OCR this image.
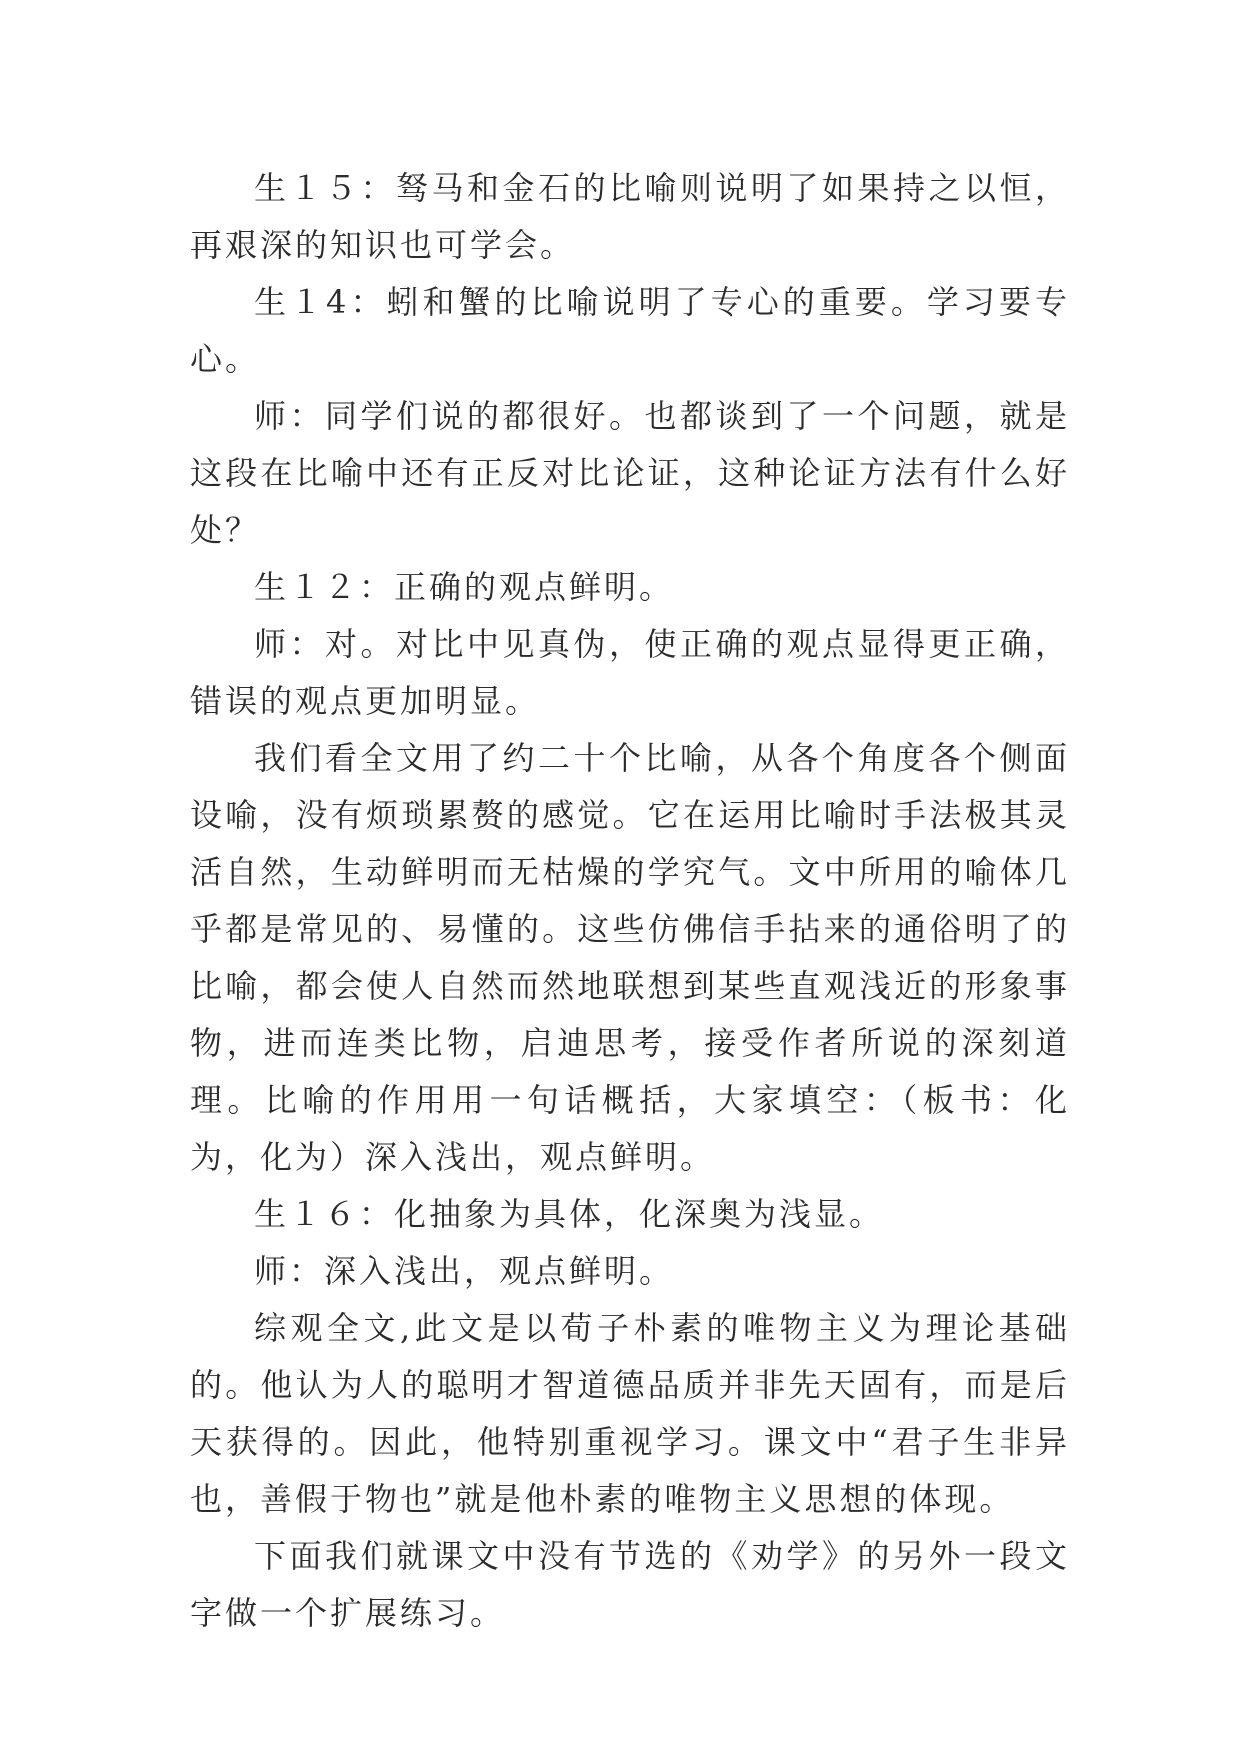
生１５：驽马和金石的比喻则说明了如果持之以恒，再艰深的知识也可学会。

生１4：蚓和蟹的比喻说明了专心的重要。学习要专心。

师：同学们说的都很好。也都谈到了一个问题，就是这段在比喻中还有正反对比论证，这种论证方法有什么好处？

生１２：正确的观点鲜明。

师：对。对比中见真伪，使正确的观点显得更正确，错误的观点更加明显。

我们看全文用了约二十个比喻，从各个角度各个侧面设喻，没有烦琐累赘的感觉。它在运用比喻时手法极其灵活自然，生动鲜明而无枯燥的学究气。文中所用的喻体几乎都是常见的、易懂的。这些仿佛信手拈来的通俗明了的比喻，都会使人自然而然地联想到某些直观浅近的形象事物，进而连类比物，启迪思考，接受作者所说的深刻道理。比喻的作用用一句话概括，大家填空：（板书：化为，化为）深入浅出，观点鲜明。

生１６：化抽象为具体，化深奥为浅显。

师：深入浅出，观点鲜明。

综观全文,此文是以荀子朴素的唯物主义为理论基础的。他认为人的聪明才智道德品质并非先天固有，而是后天获得的。因此，他特别重视学习。课文中“君子生非异也，善假于物也”就是他朴素的唯物主义思想的体现。

下面我们就课文中没有节选的《劝学》的另外一段文字做一个扩展练习。
